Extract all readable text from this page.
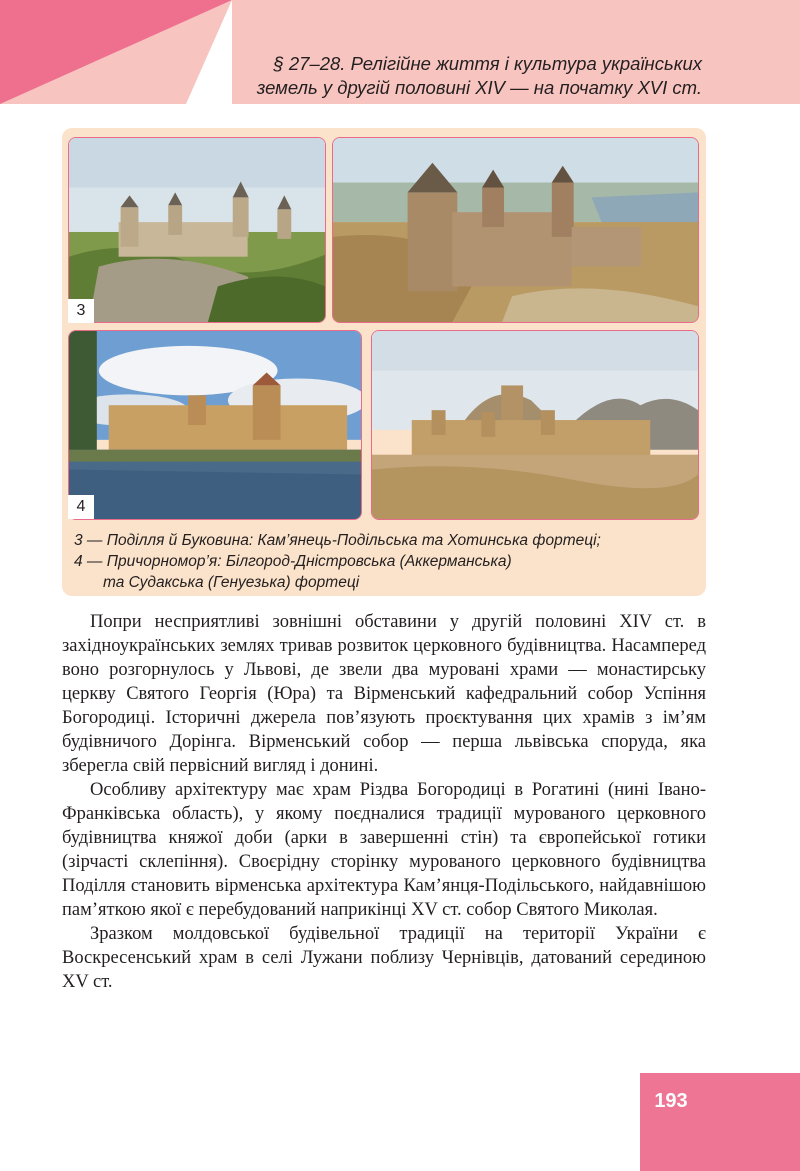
§ 27–28. Релігійне життя і культура українських
земель у другій половині XIV — на початку XVI ст.
3
4
3 — Поділля й Буковина: Кам’янець-Подільська та Хотинська фортеці;
4 — Причорномор’я: Білгород-Дністровська (Аккерманська)
та Судакська (Генуезька) фортеці

Попри несприятливі зовнішні обставини у другій половині XIV ст. в західноукраїнських землях тривав розвиток церковного будівництва. Насамперед воно розгорнулось у Львові, де звели два муровані храми — монастирську церкву Святого Георгія (Юра) та Вірменський кафедральний собор Успіння Богородиці. Історичні джерела пов’язують проєктування цих храмів з ім’ям будівничого Дорінга. Вірменський собор — перша львівська споруда, яка зберегла свій первісний вигляд і донині.

Особливу архітектуру має храм Різдва Богородиці в Рогатині (нині Івано-Франківська область), у якому поєдналися традиції мурованого церковного будівництва княжої доби (арки в завершенні стін) та європейської готики (зірчасті склепіння). Своєрідну сторінку мурованого церковного будівництва Поділля становить вірменська архітектура Кам’янця-Подільського, найдавнішою пам’яткою якої є перебудований наприкінці XV ст. собор Святого Миколая.

Зразком молдовської будівельної традиції на території України є Воскресенський храм в селі Лужани поблизу Чернівців, датований серединою XV ст.

193
